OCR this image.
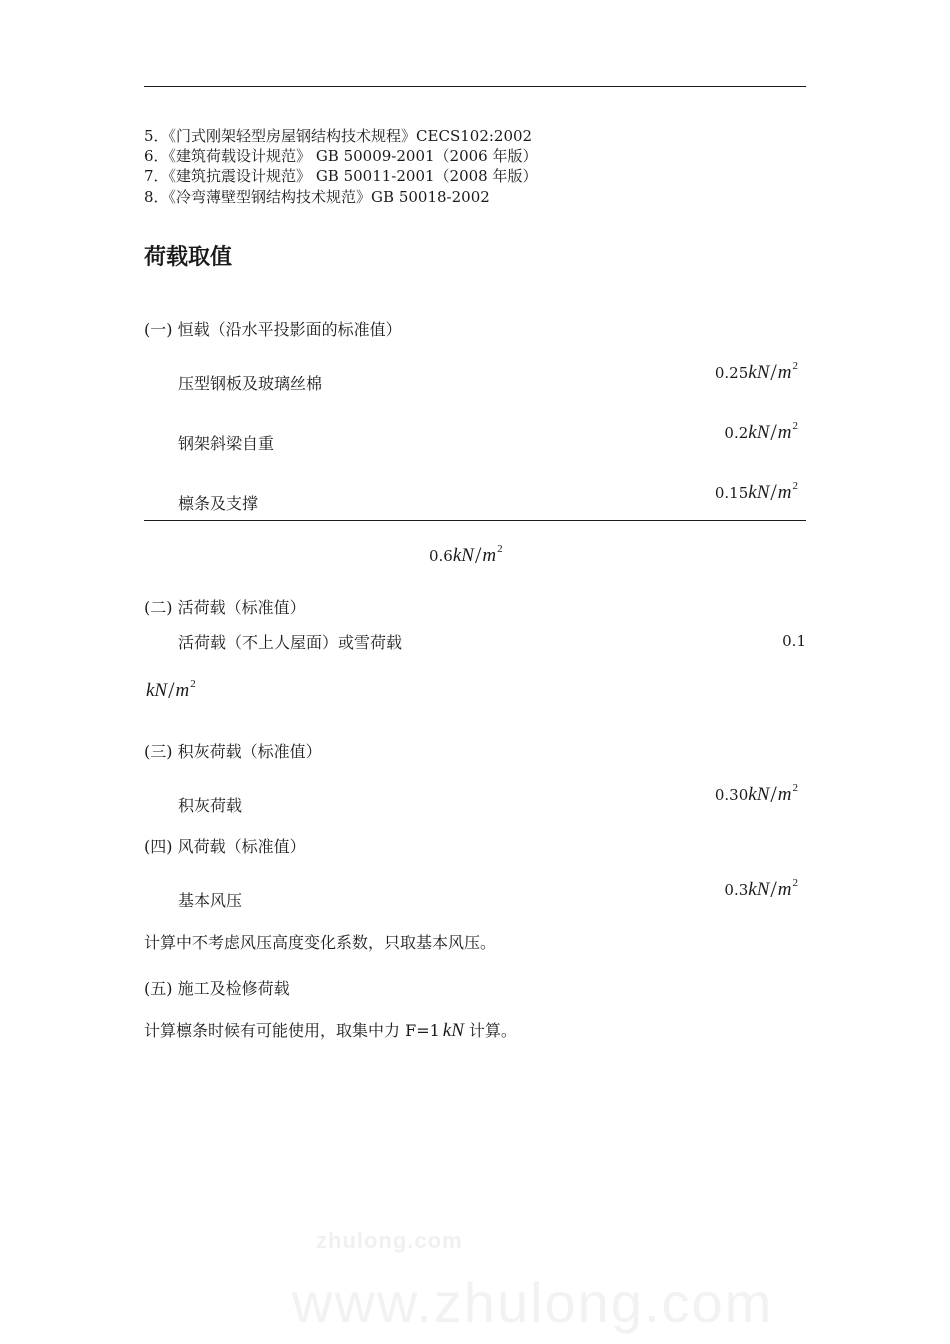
5．《门式刚架轻型房屋钢结构技术规程》CECS102:2002
6．《建筑荷载设计规范》 GB 50009-2001（2006 年版）
7．《建筑抗震设计规范》 GB 50011-2001（2008 年版）
8．《冷弯薄壁型钢结构技术规范》GB 50018-2002
荷载取值
(一) 恒载（沿水平投影面的标准值）
压型钢板及玻璃丝棉
$0.25kN/m^2$
钢架斜梁自重
$0.2kN/m^2$
檩条及支撑
$0.15kN/m^2$
$0.6kN/m^2$
(二) 活荷载（标准值）
活荷载（不上人屋面）或雪荷载	0.1
$kN/m^2$
(三) 积灰荷载（标准值）
积灰荷载
$0.30kN/m^2$
(四) 风荷载（标准值）
基本风压
$0.3kN/m^2$
计算中不考虑风压高度变化系数，只取基本风压。
(五) 施工及检修荷载
计算檩条时候有可能使用，取集中力 F=1 kN 计算。
zhulong.com
www.zhulong.com
